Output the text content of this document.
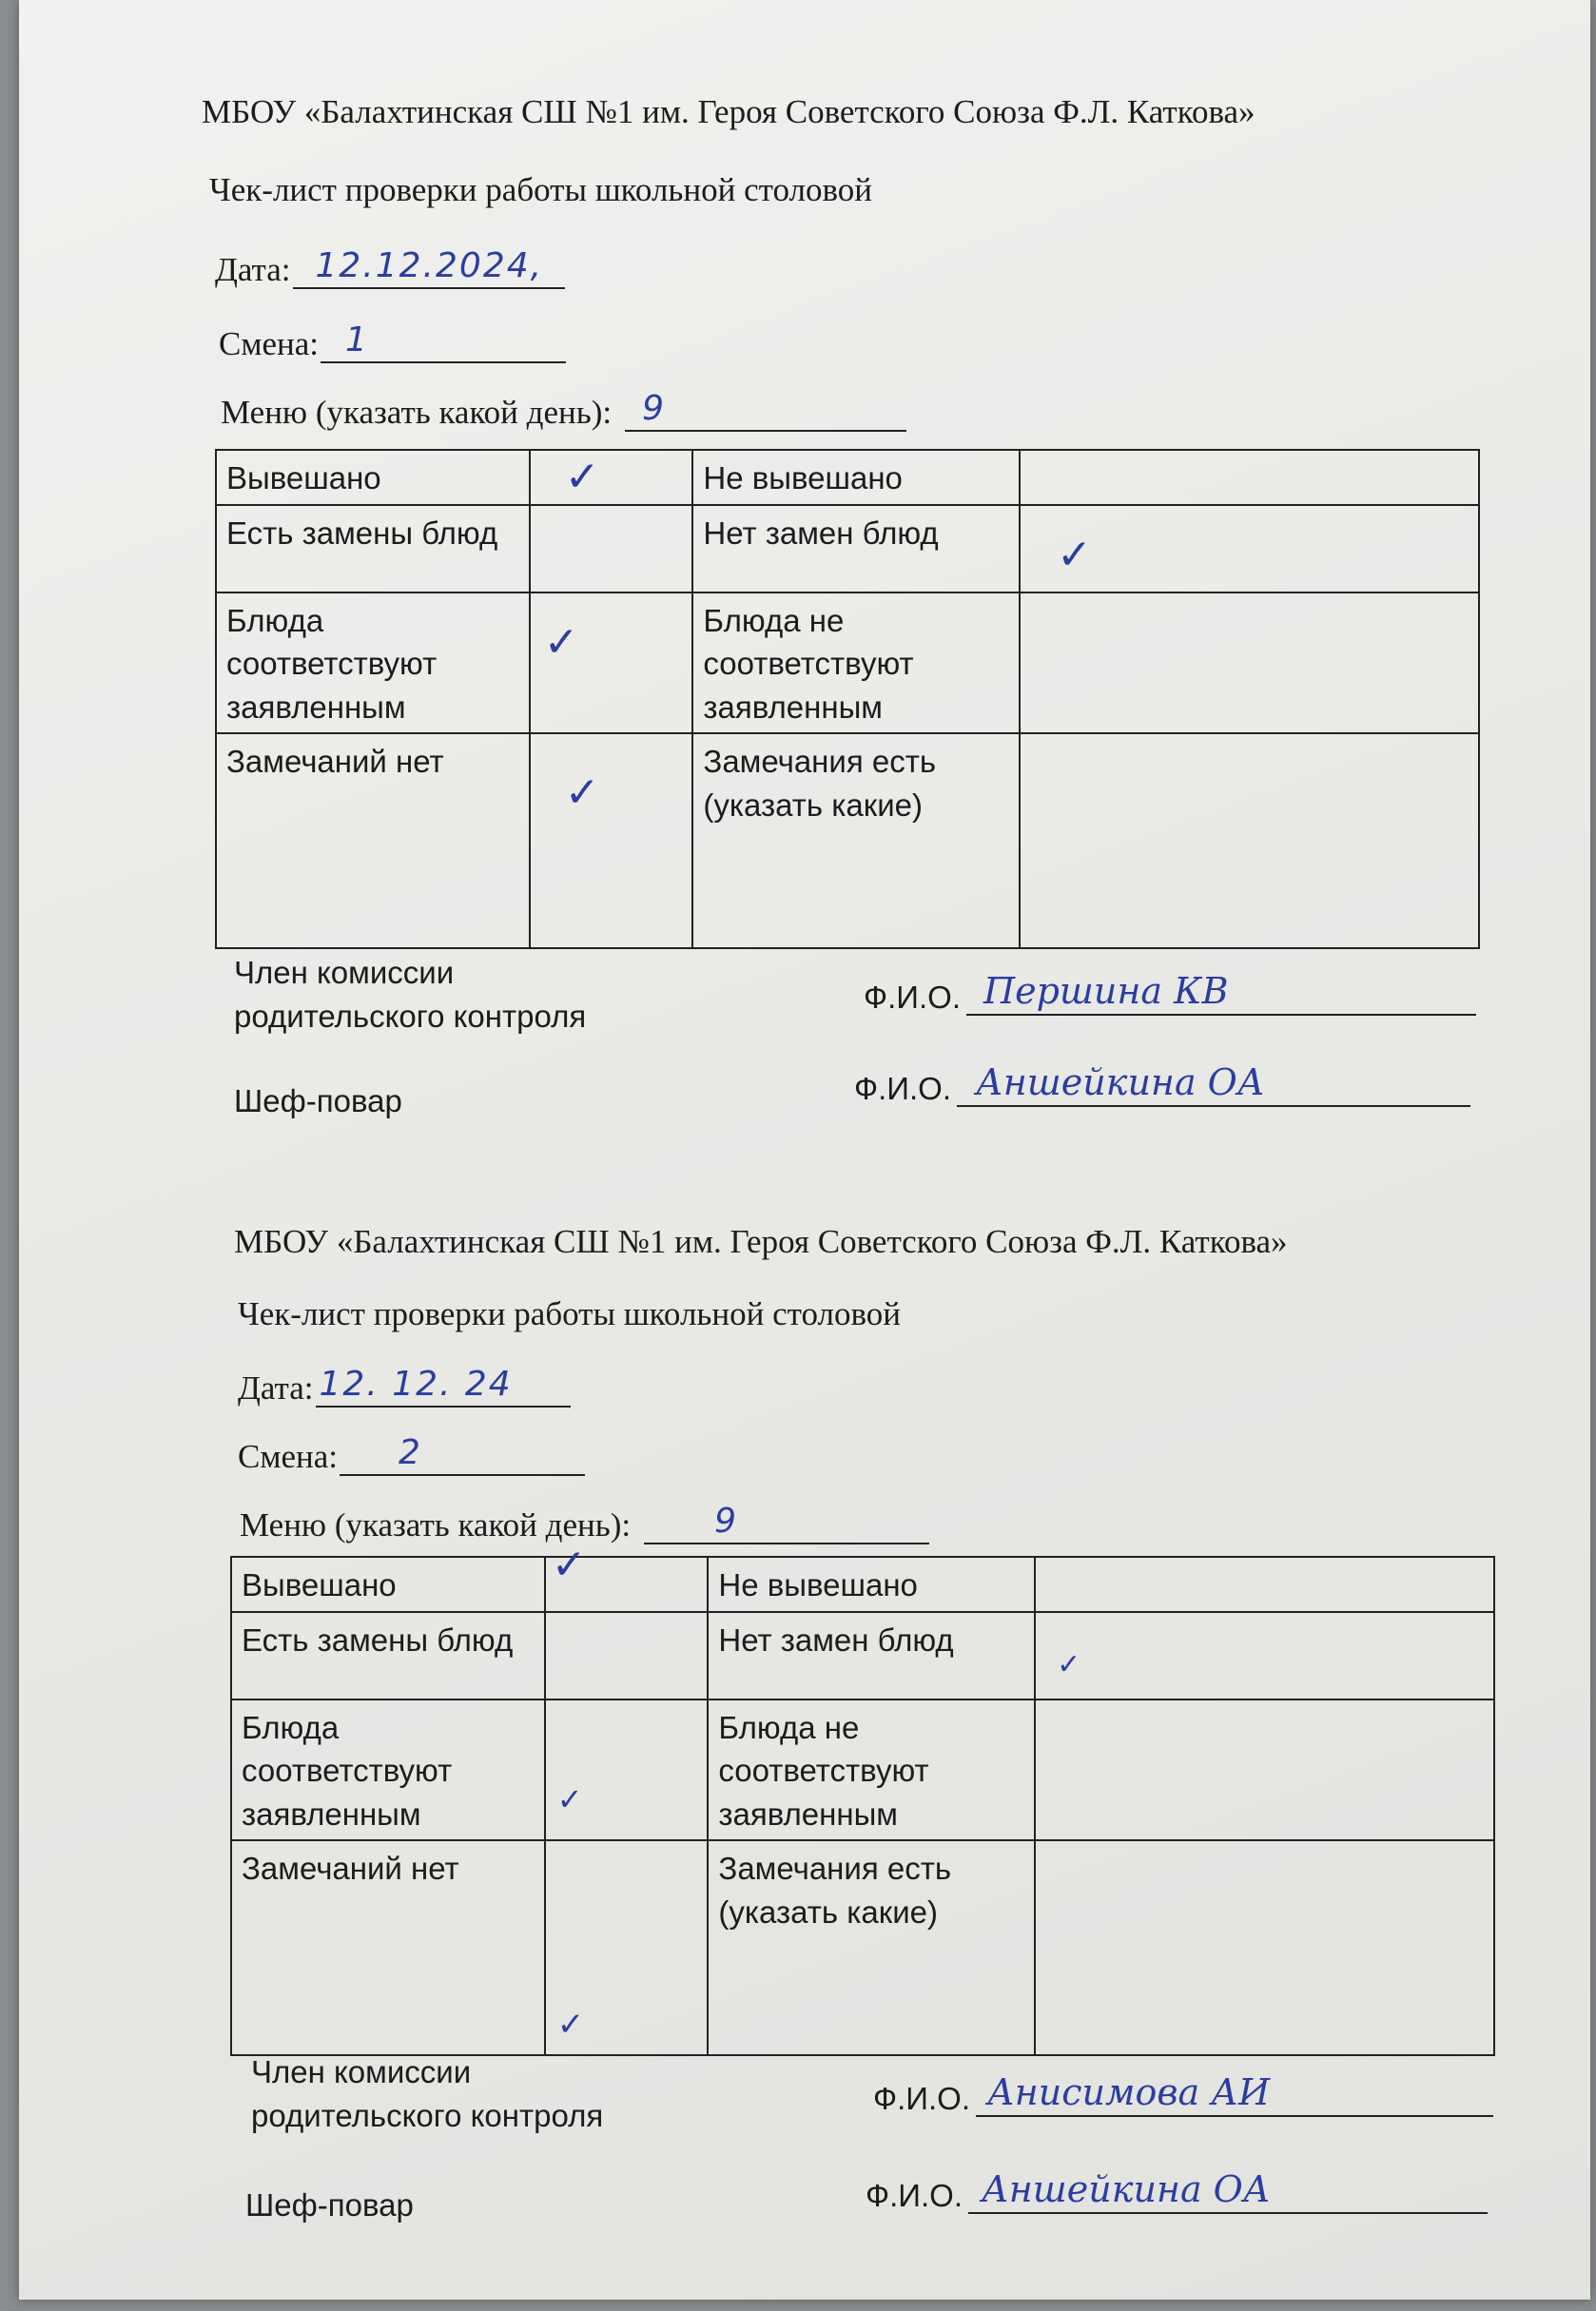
МБОУ «Балахтинская СШ №1 им. Героя Советского Союза Ф.Л. Каткова»
Чек-лист проверки работы школьной столовой
Дата: 12.12.2024,
Смена: 1
Меню (указать какой день): 9
Вывешано	✓	Не вывешано	
Есть замены блюд		Нет замен блюд	✓

Блюда соответствуют заявленным	✓	Блюда не соответствуют заявленным	
Замечаний нет	✓	Замечания есть (указать какие)	
Член комиссии родительского контроля
Ф.И.О. Першина КВ
Шеф-повар	Ф.И.О. Аншейкина ОА
МБОУ «Балахтинская СШ №1 им. Героя Советского Союза Ф.Л. Каткова»
Чек-лист проверки работы школьной столовой
Дата: 12. 12. 24
Смена: 2
Меню (указать какой день): 9
Вывешано	✓	Не вывешано	
Есть замены блюд		Нет замен блюд	✓

Блюда соответствуют заявленным	✓	Блюда не соответствуют заявленным	
Замечаний нет	✓	Замечания есть (указать какие)	
Член комиссии родительского контроля	Ф.И.О. Анисимова АИ
Шеф-повар	Ф.И.О. Аншейкина ОА
